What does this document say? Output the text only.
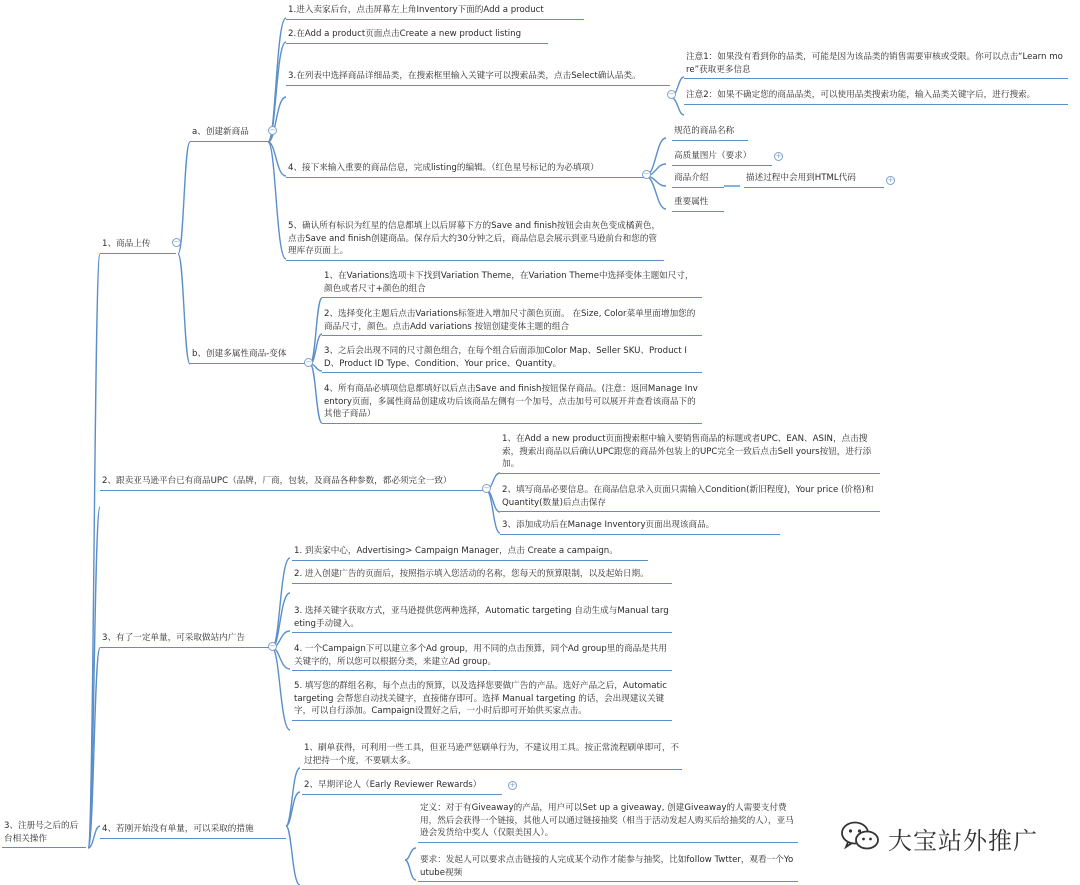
3、注册号之后的后台相关操作
1、商品上传	−
a、创建新商品	−
1.进入卖家后台，点击屏幕左上角Inventory下面的Add a product
2.在Add a product页面点击Create a new product listing
3.在列表中选择商品详细品类，在搜索框里输入关键字可以搜索品类，点击Select确认品类。
−
注意1：如果没有看到你的品类，可能是因为该品类的销售需要审核或受限。你可以点击“Learn more”获取更多信息
注意2：如果不确定您的商品品类，可以使用品类搜索功能，输入品类关键字后，进行搜索。
4、接下来输入重要的商品信息，完成listing的编辑。（红色星号标记的为必填项）
−
规范的商品名称
高质量图片（要求）	+
商品介绍	描述过程中会用到HTML代码	+
重要属性
5、确认所有标识为红星的信息都填上以后屏幕下方的Save and finish按钮会由灰色变成橘黄色，点击Save and finish创建商品。保存后大约30分钟之后，商品信息会展示到亚马逊前台和您的管理库存页面上。
b、创建多属性商品-变体
−
1、在Variations选项卡下找到Variation Theme，在Variation Theme中选择变体主题如尺寸，颜色或者尺寸+颜色的组合
2、选择变化主题后点击Variations标签进入增加尺寸颜色页面。 在Size, Color菜单里面增加您的商品尺寸，颜色。点击Add variations 按钮创建变体主题的组合
3、之后会出现不同的尺寸颜色组合，在每个组合后面添加Color Map、Seller SKU、Product ID、Product ID Type、Condition、Your price、Quantity。
4、所有商品必填项信息都填好以后点击Save and finish按钮保存商品。(注意：返回Manage Inventory页面，多属性商品创建成功后该商品左侧有一个加号，点击加号可以展开并查看该商品下的其他子商品）
2、跟卖亚马逊平台已有商品UPC（品牌，厂商，包装，及商品各种参数，都必须完全一致）
−
1、在Add a new product页面搜索框中输入要销售商品的标题或者UPC、EAN、ASIN，点击搜索，搜索出商品以后确认UPC跟您的商品外包装上的UPC完全一致后点击Sell yours按钮，进行添加。
2、填写商品必要信息。在商品信息录入页面只需输入Condition(新旧程度)，Your price (价格)和Quantity(数量)后点击保存
3、添加成功后在Manage Inventory页面出现该商品。
3、有了一定单量，可采取做站内广告
−
1. 到卖家中心，Advertising> Campaign Manager，点击 Create a campaign。
2. 进入创建广告的页面后，按照指示填入您活动的名称，您每天的预算限制，以及起始日期。
3. 选择关键字获取方式，亚马逊提供您两种选择，Automatic targeting 自动生成与Manual targeting手动键入。
4. 一个Campaign下可以建立多个Ad group，用不同的点击预算，同个Ad group里的商品是共用关键字的，所以您可以根据分类，来建立Ad group。
5. 填写您的群组名称，每个点击的预算，以及选择您要做广告的产品。选好产品之后，Automatic targeting 会帮您自动找关键字，直接储存即可。选择 Manual targeting 的话，会出现建议关键字，可以自行添加。Campaign设置好之后，一小时后即可开始供买家点击。
4、若刚开始没有单量，可以采取的措施
1、刷单获得，可利用一些工具，但亚马逊严惩刷单行为，不建议用工具。按正常流程刷单即可，不过把持一个度，不要刷太多。
2、早期评论人（Early Reviewer Rewards）	+
定义：对于有Giveaway的产品，用户可以Set up a giveaway, 创建Giveaway的人需要支付费用，然后会获得一个链接，其他人可以通过链接抽奖（相当于活动发起人购买后给抽奖的人），亚马逊会发货给中奖人（仅限美国人）。
要求：发起人可以要求点击链接的人完成某个动作才能参与抽奖，比如follow Twtter，观看一个Youtube视频
大宝站外推广
